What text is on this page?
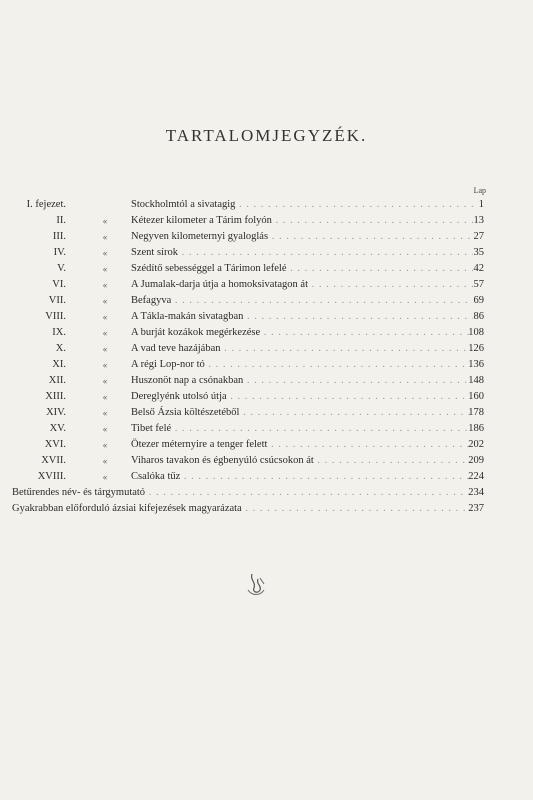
TARTALOMJEGYZÉK.
Lap
I. fejezet.	Stockholmtól a sivatagig . . .	1
II.	«	Kétezer kilometer a Tárim folyón . . .	13
III.	«	Negyven kilometernyi gyaloglás . . .	27
IV.	«	Szent sírok . . .	35
V.	«	Szédítő sebességgel a Tárimon lefelé . . .	42
VI.	«	A Jumalak-darja útja a homoksivatagon át . . .	57
VII.	«	Befagyva . . .	69
VIII.	«	A Tákla-makán sivatagban . . .	86
IX.	«	A burját kozákok megérkezése . . .	108
X.	«	A vad teve hazájában . . .	126
XI.	«	A régi Lop-nor tó . . .	136
XII.	«	Huszonöt nap a csónakban . . .	148
XIII.	«	Dereglyénk utolsó útja . . .	160
XIV.	«	Belső Ázsia költészetéből . . .	178
XV.	«	Tibet felé . . .	186
XVI.	«	Ötezer méternyire a tenger felett . . .	202
XVII.	«	Viharos tavakon és égbenyúló csúcsokon át . . .	209
XVIII.	«	Csalóka tűz . . .	224
Betűrendes név- és tárgymutató . . .	234
Gyakrabban előforduló ázsiai kifejezések magyarázata . . .	237
